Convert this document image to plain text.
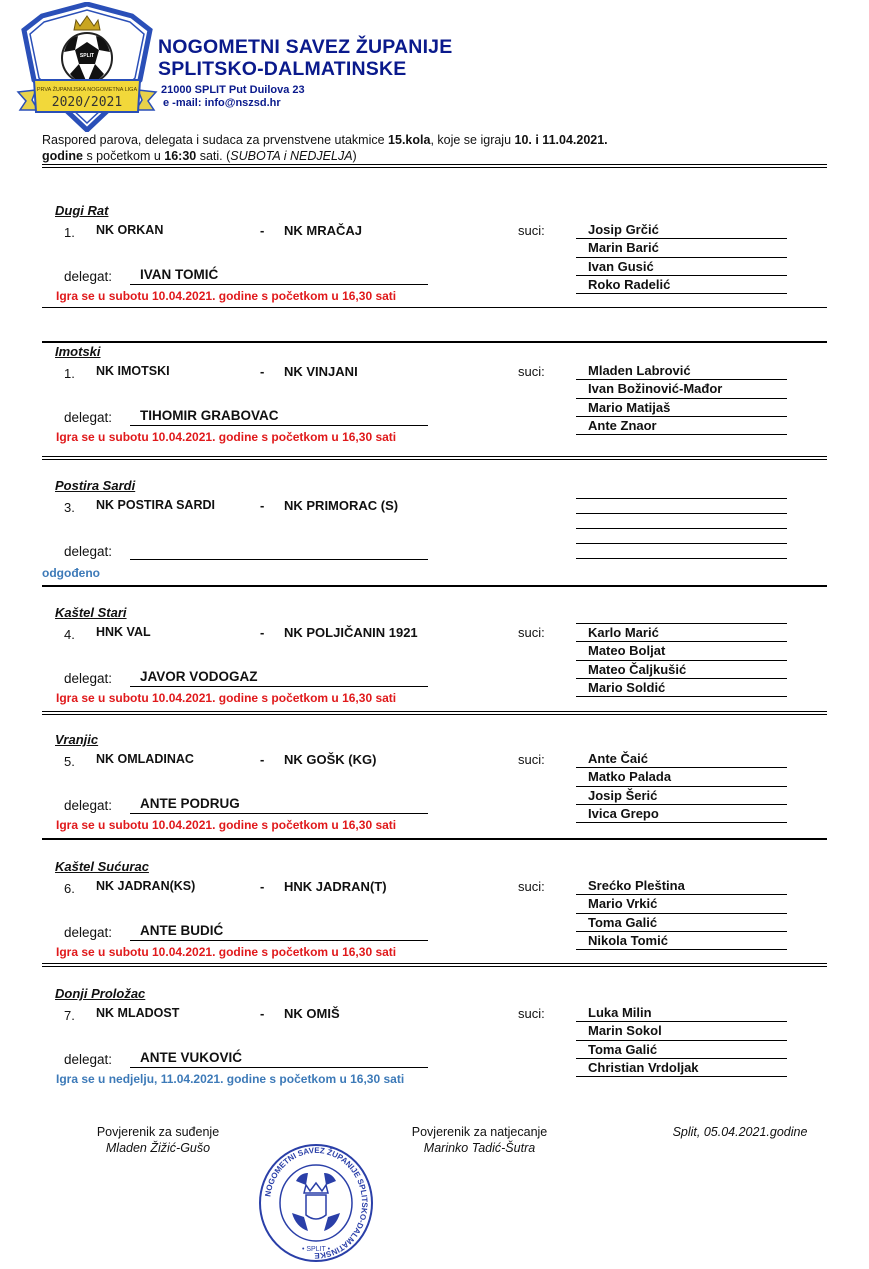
SPLIT
1920
PRVA ŽUPANIJSKA NOGOMETNA LIGA
2020/2021
NOGOMETNI SAVEZ ŽUPANIJE
SPLITSKO-DALMATINSKE
21000 SPLIT Put Duilova 23
e -mail: info@nszsd.hr
Raspored parova, delegata i sudaca za prvenstvene utakmice 15.kola, koje se igraju 10. i 11.04.2021.
godine s početkom u 16:30 sati. (SUBOTA i NEDJELJA)
Dugi Rat
1. NK ORKAN	- NK MRAČAJ
delegat:	IVAN TOMIĆ
Igra se u subotu 10.04.2021. godine s početkom u 16,30 sati
suci:	Josip Grčić
Marin Barić
Ivan Gusić
Roko Radelić
Imotski
1. NK IMOTSKI	- NK VINJANI
delegat:	TIHOMIR GRABOVAC
Igra se u subotu 10.04.2021. godine s početkom u 16,30 sati
suci:	Mladen Labrović
Ivan Božinović-Mađor
Mario Matijaš
Ante Znaor
Postira Sardi
3. NK POSTIRA SARDI	- NK PRIMORAC (S)
delegat:
odgođeno
Kaštel Stari
4. HNK VAL	- NK POLJIČANIN 1921
delegat:	JAVOR VODOGAZ
Igra se u subotu 10.04.2021. godine s početkom u 16,30 sati
suci:	Karlo Marić
Mateo Boljat
Mateo Čaljkušić
Mario Soldić
Vranjic
5. NK OMLADINAC	- NK GOŠK (KG)
delegat:	ANTE PODRUG
Igra se u subotu 10.04.2021. godine s početkom u 16,30 sati
suci:	Ante Čaić
Matko Palada
Josip Šerić
Ivica Grepo
Kaštel Sućurac
6. NK JADRAN(KS)	- HNK JADRAN(T)
delegat:	ANTE BUDIĆ
Igra se u subotu 10.04.2021. godine s početkom u 16,30 sati
suci:	Srećko Pleština
Mario Vrkić
Toma Galić
Nikola Tomić
Donji Proložac
7. NK MLADOST	- NK OMIŠ
delegat:	ANTE VUKOVIĆ
Igra se u nedjelju, 11.04.2021. godine s početkom u 16,30 sati
suci:	Luka Milin
Marin Sokol
Toma Galić
Christian Vrdoljak
Povjerenik za suđenje
Mladen Žižić-Gušo
Povjerenik za natjecanje
Marinko Tadić-Šutra
Split, 05.04.2021.godine
NOGOMETNI SAVEZ ŽUPANIJE SPLITSKO-DALMATINSKE
• SPLIT •
